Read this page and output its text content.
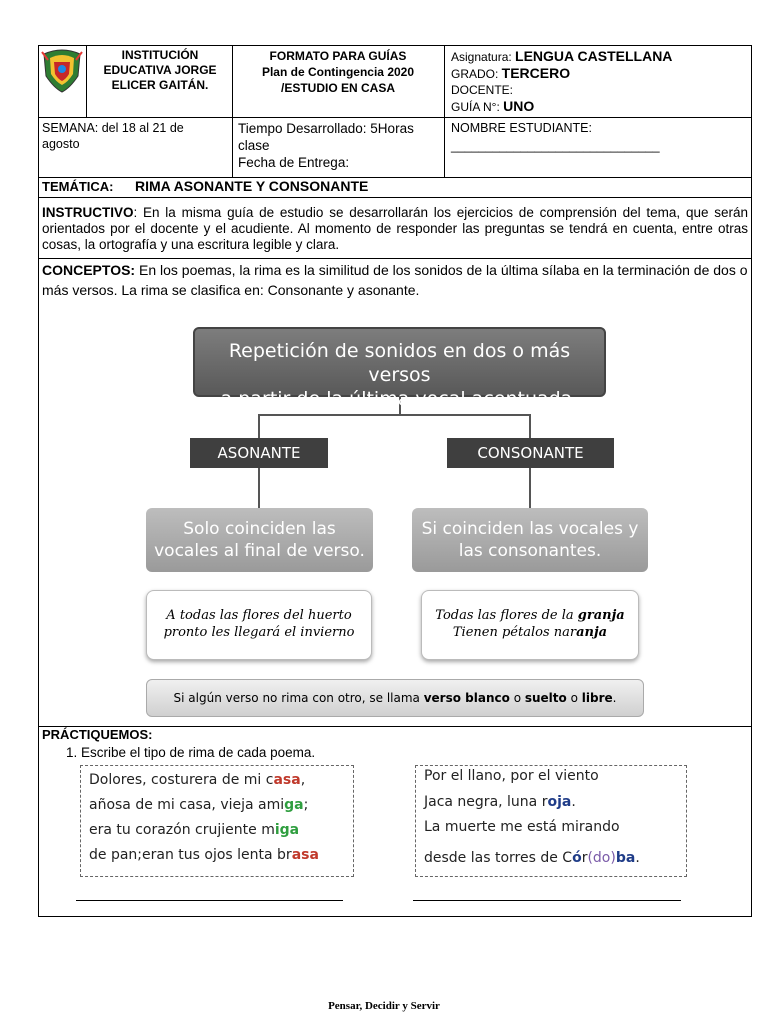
INSTITUCIÓN
EDUCATIVA JORGE
ELICER GAITÁN.
FORMATO PARA GUÍAS
Plan de Contingencia 2020
/ESTUDIO EN CASA
Asignatura: LENGUA CASTELLANA
GRADO: TERCERO
DOCENTE:
GUÍA N°: UNO
SEMANA: del 18 al 21 de
agosto
Tiempo Desarrollado: 5Horas
clase
Fecha de Entrega:
NOMBRE ESTUDIANTE:
______________________________
TEMÁTICA: RIMA ASONANTE Y CONSONANTE
INSTRUCTIVO: En la misma guía de estudio se desarrollarán los ejercicios de comprensión del tema, que serán orientados por el docente y el acudiente. Al momento de responder las preguntas se tendrá en cuenta, entre otras cosas, la ortografía y una escritura legible y clara.
CONCEPTOS: En los poemas, la rima es la similitud de los sonidos de la última sílaba en la terminación de dos o más versos. La rima se clasifica en: Consonante y asonante.
Repetición de sonidos en dos o más versos
a partir de la última vocal acentuada.
ASONANTE	CONSONANTE
Solo coinciden las
vocales al final de verso.
Si coinciden las vocales y
las consonantes.
A todas las flores del huerto
pronto les llegará el invierno
Todas las flores de la granja
Tienen pétalos naranja
Si algún verso no rima con otro, se llama verso blanco o suelto o libre.
PRÁCTIQUEMOS:
1. Escribe el tipo de rima de cada poema.
Dolores, costurera de mi casa,
añosa de mi casa, vieja amiga;
era tu corazón crujiente miga
de pan;eran tus ojos lenta brasa
Por el llano, por el viento
Jaca negra, luna roja.
La muerte me está mirando
desde las torres de Cór(do)ba.
Pensar, Decidir y Servir
